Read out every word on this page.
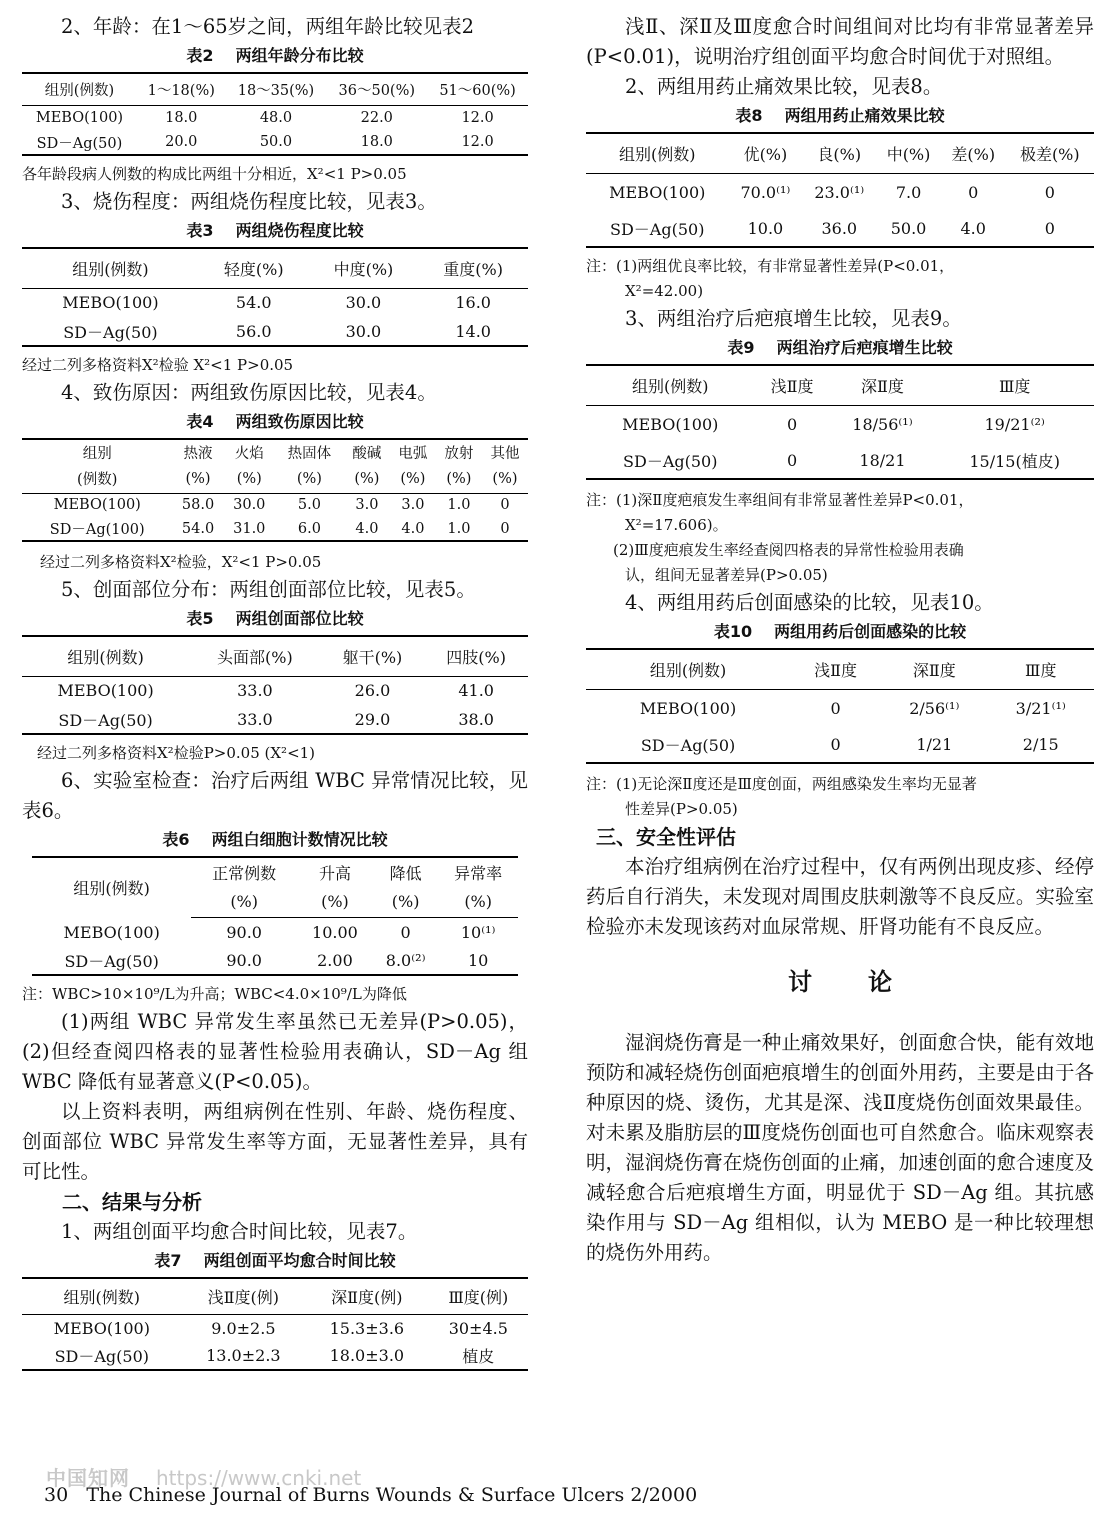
2、年龄：在1～65岁之间，两组年龄比较见表2

表2 两组年龄分布比较
组别(例数)	1～18(%)	18～35(%)	36～50(%)	51～60(%)
MEBO(100)	18.0	48.0	22.0	12.0
SD－Ag(50)	20.0	50.0	18.0	12.0
各年龄段病人例数的构成比两组十分相近，X²<1 P>0.05

3、烧伤程度：两组烧伤程度比较，见表3。

表3 两组烧伤程度比较
组别(例数)	轻度(%)	中度(%)	重度(%)
MEBO(100)	54.0	30.0	16.0
SD－Ag(50)	56.0	30.0	14.0
经过二列多格资料X²检验 X²<1 P>0.05

4、致伤原因：两组致伤原因比较，见表4。

表4 两组致伤原因比较
组别	热液	火焰	热固体	酸碱	电弧	放射	其他
(例数)	(%)	(%)	(%)	(%)	(%)	(%)	(%)
MEBO(100)	58.0	30.0	5.0	3.0	3.0	1.0	0
SD－Ag(100)	54.0	31.0	6.0	4.0	4.0	1.0	0
经过二列多格资料X²检验，X²<1 P>0.05

5、创面部位分布：两组创面部位比较，见表5。

表5 两组创面部位比较
组别(例数)	头面部(%)	躯干(%)	四肢(%)
MEBO(100)	33.0	26.0	41.0
SD－Ag(50)	33.0	29.0	38.0
经过二列多格资料X²检验P>0.05 (X²<1)

6、实验室检查：治疗后两组 WBC 异常情况比较，见表6。

表6 两组白细胞计数情况比较
组别(例数)	正常例数	升高	降低	异常率
	(%)	(%)	(%)	(%)
MEBO(100)	90.0	10.00	0	10⁽¹⁾
SD－Ag(50)	90.0	2.00	8.0⁽²⁾	10
注：WBC>10×10⁹/L为升高；WBC<4.0×10⁹/L为降低

(1)两组 WBC 异常发生率虽然已无差异(P>0.05)，(2)但经查阅四格表的显著性检验用表确认，SD－Ag 组 WBC 降低有显著意义(P<0.05)。

以上资料表明，两组病例在性别、年龄、烧伤程度、创面部位 WBC 异常发生率等方面，无显著性差异，具有可比性。

二、结果与分析

1、两组创面平均愈合时间比较，见表7。

表7 两组创面平均愈合时间比较
组别(例数)	浅Ⅱ度(例)	深Ⅱ度(例)	Ⅲ度(例)
MEBO(100)	9.0±2.5	15.3±3.6	30±4.5
SD－Ag(50)	13.0±2.3	18.0±3.0	植皮

浅Ⅱ、深Ⅱ及Ⅲ度愈合时间组间对比均有非常显著差异(P<0.01)，说明治疗组创面平均愈合时间优于对照组。

2、两组用药止痛效果比较，见表8。

表8 两组用药止痛效果比较
组别(例数)	优(%)	良(%)	中(%)	差(%)	极差(%)
MEBO(100)	70.0⁽¹⁾	23.0⁽¹⁾	7.0	0	0
SD－Ag(50)	10.0	36.0	50.0	4.0	0
注：(1)两组优良率比较，有非常显著性差异(P<0.01，
X²=42.00)

3、两组治疗后疤痕增生比较，见表9。

表9 两组治疗后疤痕增生比较
组别(例数)	浅Ⅱ度	深Ⅱ度	Ⅲ度
MEBO(100)	0	18/56⁽¹⁾	19/21⁽²⁾
SD－Ag(50)	0	18/21	15/15(植皮)
注：(1)深Ⅱ度疤痕发生率组间有非常显著性差异P<0.01，
X²=17.606)。
(2)Ⅲ度疤痕发生率经查阅四格表的异常性检验用表确
认，组间无显著差异(P>0.05)

4、两组用药后创面感染的比较，见表10。

表10 两组用药后创面感染的比较
组别(例数)	浅Ⅱ度	深Ⅱ度	Ⅲ度
MEBO(100)	0	2/56⁽¹⁾	3/21⁽¹⁾
SD－Ag(50)	0	1/21	2/15
注：(1)无论深Ⅱ度还是Ⅲ度创面，两组感染发生率均无显著
性差异(P>0.05)

三、安全性评估

本治疗组病例在治疗过程中，仅有两例出现皮疹、经停药后自行消失，未发现对周围皮肤刺激等不良反应。实验室检验亦未发现该药对血尿常规、肝肾功能有不良反应。

讨 论

湿润烧伤膏是一种止痛效果好，创面愈合快，能有效地预防和减轻烧伤创面疤痕增生的创面外用药，主要是由于各种原因的烧、烫伤，尤其是深、浅Ⅱ度烧伤创面效果最佳。对未累及脂肪层的Ⅲ度烧伤创面也可自然愈合。临床观察表明，湿润烧伤膏在烧伤创面的止痛，加速创面的愈合速度及减轻愈合后疤痕增生方面，明显优于 SD－Ag 组。其抗感染作用与 SD－Ag 组相似，认为 MEBO 是一种比较理想的烧伤外用药。

中国知网 https://www.cnki.net
30 The Chinese Journal of Burns Wounds & Surface Ulcers 2/2000
